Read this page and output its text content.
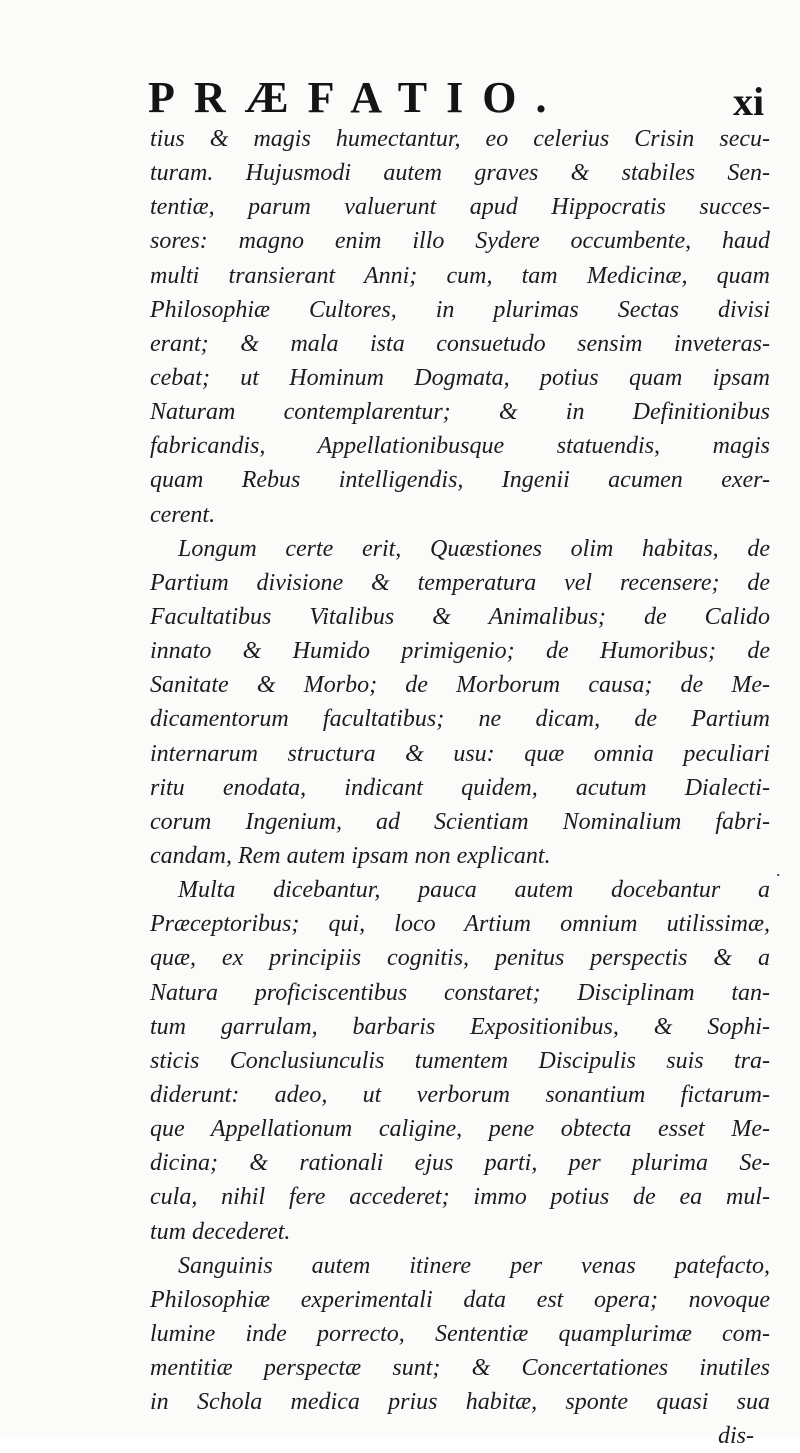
PRÆFATIO.	xi
tius & magis humectantur, eo celerius Crisin secu-
turam. Hujusmodi autem graves & stabiles Sen-
tentiæ, parum valuerunt apud Hippocratis succes-
sores: magno enim illo Sydere occumbente, haud
multi transierant Anni; cum, tam Medicinæ, quam
Philosophiæ Cultores, in plurimas Sectas divisi
erant; & mala ista consuetudo sensim inveteras-
cebat; ut Hominum Dogmata, potius quam ipsam
Naturam contemplarentur; & in Definitionibus
fabricandis, Appellationibusque statuendis, magis
quam Rebus intelligendis, Ingenii acumen exer-
cerent.
Longum certe erit, Quæstiones olim habitas, de
Partium divisione & temperatura vel recensere; de
Facultatibus Vitalibus & Animalibus; de Calido
innato & Humido primigenio; de Humoribus; de
Sanitate & Morbo; de Morborum causa; de Me-
dicamentorum facultatibus; ne dicam, de Partium
internarum structura & usu: quæ omnia peculiari
ritu enodata, indicant quidem, acutum Dialecti-
corum Ingenium, ad Scientiam Nominalium fabri-
candam, Rem autem ipsam non explicant.
Multa dicebantur, pauca autem docebantur a
Præceptoribus; qui, loco Artium omnium utilissimæ,
quæ, ex principiis cognitis, penitus perspectis & a
Natura proficiscentibus constaret; Disciplinam tan-
tum garrulam, barbaris Expositionibus, & Sophi-
sticis Conclusiunculis tumentem Discipulis suis tra-
diderunt: adeo, ut verborum sonantium fictarum-
que Appellationum caligine, pene obtecta esset Me-
dicina; & rationali ejus parti, per plurima Se-
cula, nihil fere accederet; immo potius de ea mul-
tum decederet.
Sanguinis autem itinere per venas patefacto,
Philosophiæ experimentali data est opera; novoque
lumine inde porrecto, Sententiæ quamplurimæ com-
mentitiæ perspectæ sunt; & Concertationes inutiles
in Schola medica prius habitæ, sponte quasi sua
dis-
.
